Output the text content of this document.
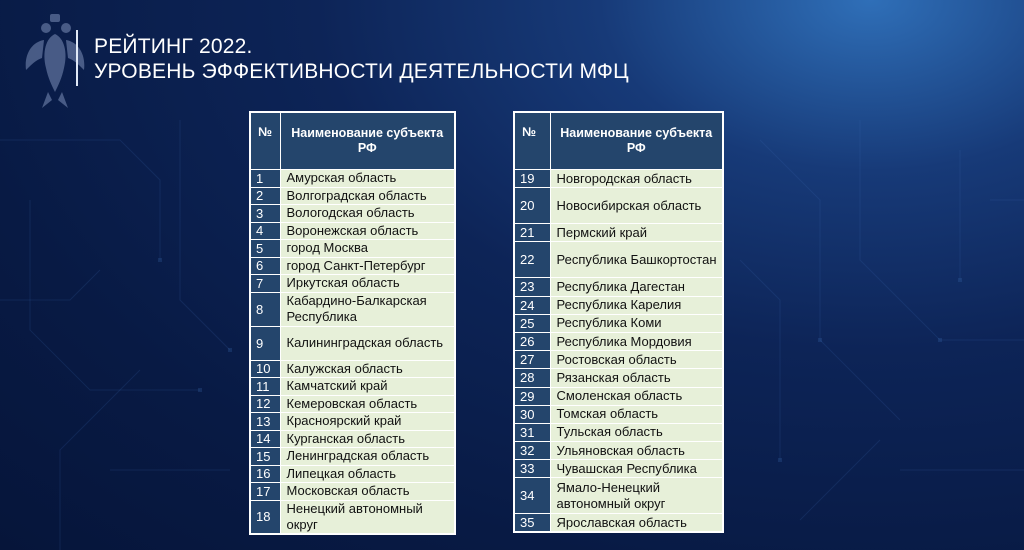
РЕЙТИНГ 2022.
УРОВЕНЬ ЭФФЕКТИВНОСТИ ДЕЯТЕЛЬНОСТИ МФЦ
№	Наименование субъекта РФ
1	Амурская область
2	Волгоградская область
3	Вологодская область
4	Воронежская область
5	город Москва
6	город Санкт-Петербург
7	Иркутская область
8	Кабардино-Балкарская Республика
9	Калининградская область
10	Калужская область
11	Камчатский край
12	Кемеровская область
13	Красноярский край
14	Курганская область
15	Ленинградская область
16	Липецкая область
17	Московская область
18	Ненецкий автономный округ
№	Наименование субъекта РФ
19	Новгородская область
20	Новосибирская область
21	Пермский край
22	Республика Башкортостан
23	Республика Дагестан
24	Республика Карелия
25	Республика Коми
26	Республика Мордовия
27	Ростовская область
28	Рязанская область
29	Смоленская область
30	Томская область
31	Тульская область
32	Ульяновская область
33	Чувашская Республика
34	Ямало-Ненецкий автономный округ
35	Ярославская область
